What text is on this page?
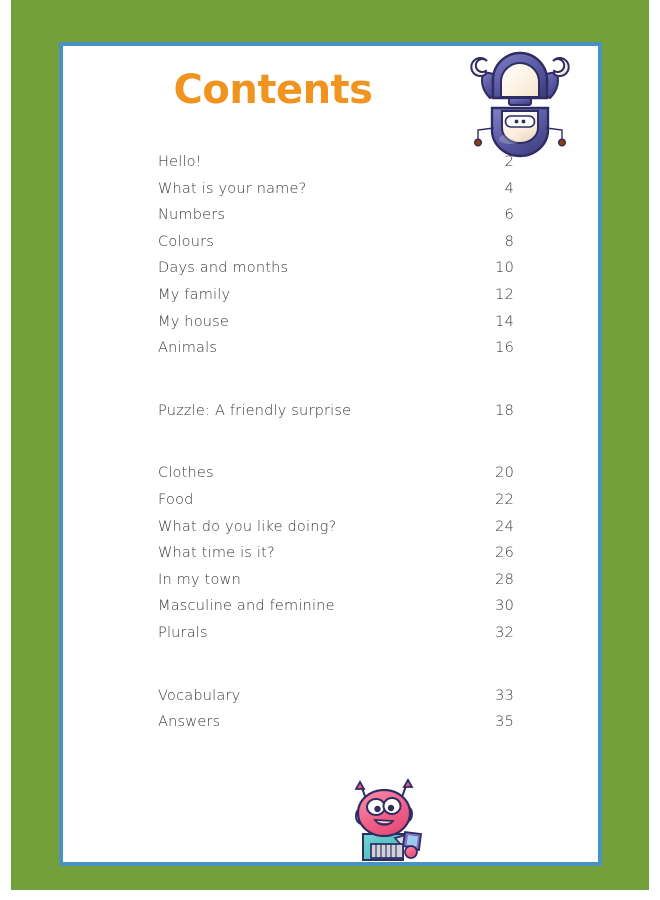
Contents
Hello!	2
What is your name?	4
Numbers	6
Colours	8
Days and months	10
My family	12
My house	14
Animals	16
Puzzle: A friendly surprise	18
Clothes	20
Food	22
What do you like doing?	24
What time is it?	26
In my town	28
Masculine and feminine	30
Plurals	32
Vocabulary	33
Answers	35
